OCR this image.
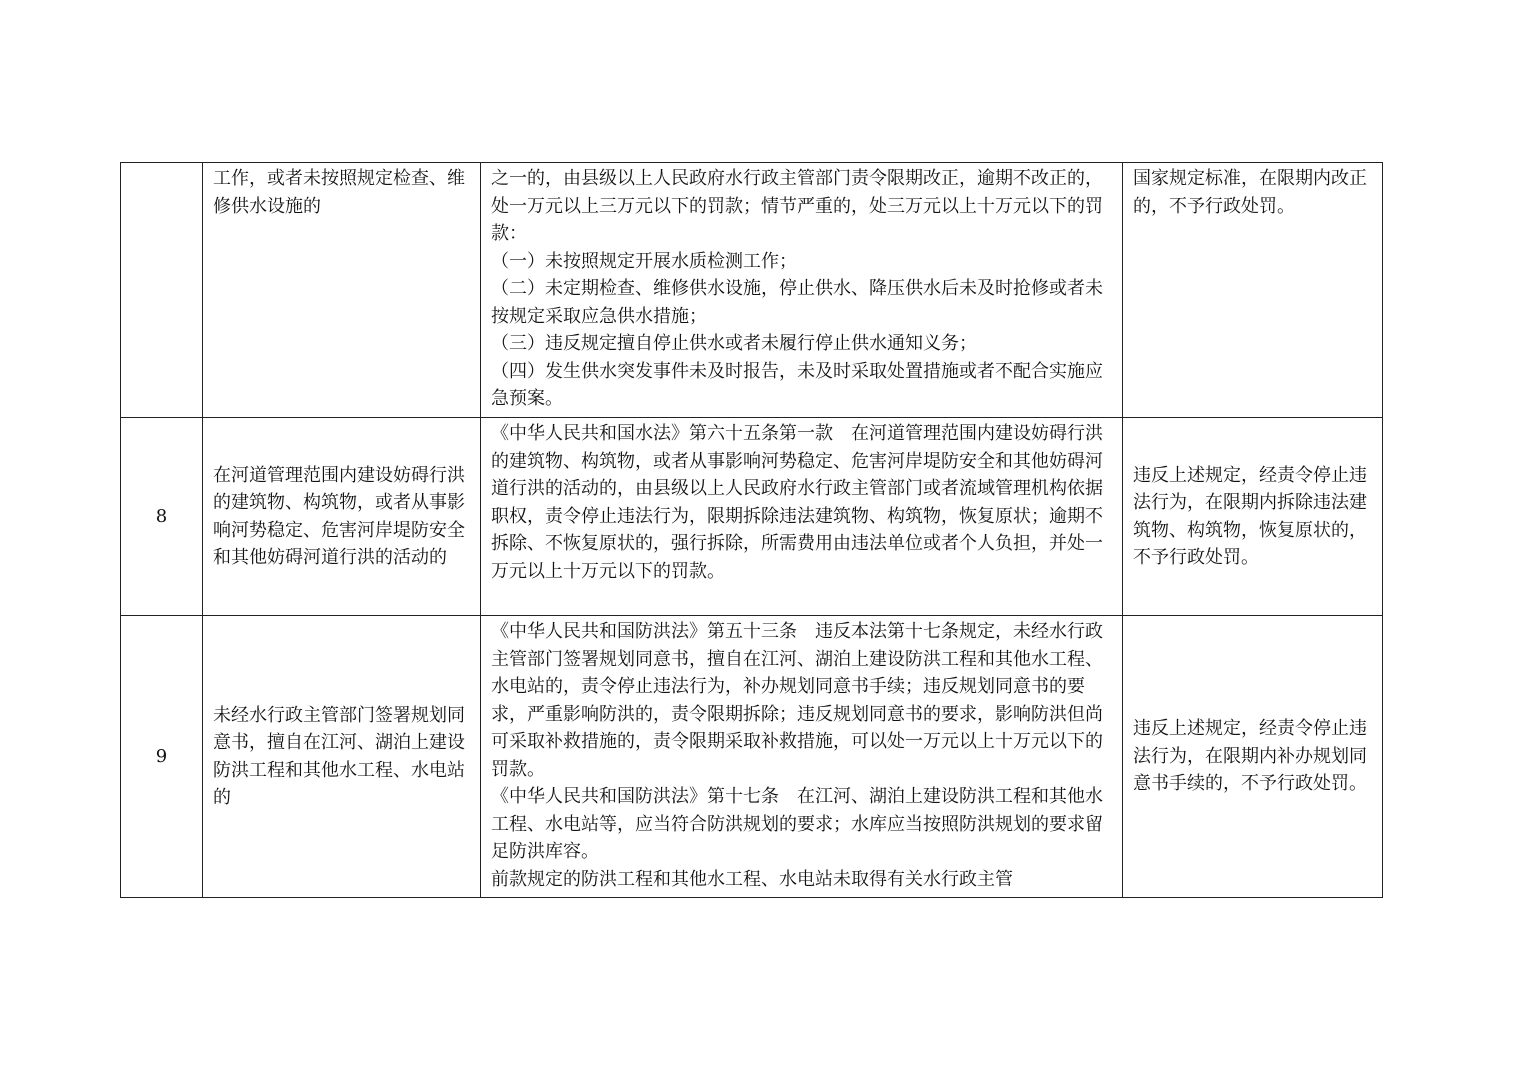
	工作，或者未按照规定检查、维修供水设施的	之一的，由县级以上人民政府水行政主管部门责令限期改正，逾期不改正的，处一万元以上三万元以下的罚款；情节严重的，处三万元以上十万元以下的罚款：
（一）未按照规定开展水质检测工作；
（二）未定期检查、维修供水设施，停止供水、降压供水后未及时抢修或者未按规定采取应急供水措施；
（三）违反规定擅自停止供水或者未履行停止供水通知义务；
（四）发生供水突发事件未及时报告，未及时采取处置措施或者不配合实施应急预案。	国家规定标准，在限期内改正的，不予行政处罚。
8	在河道管理范围内建设妨碍行洪的建筑物、构筑物，或者从事影响河势稳定、危害河岸堤防安全和其他妨碍河道行洪的活动的	《中华人民共和国水法》第六十五条第一款　在河道管理范围内建设妨碍行洪的建筑物、构筑物，或者从事影响河势稳定、危害河岸堤防安全和其他妨碍河道行洪的活动的，由县级以上人民政府水行政主管部门或者流域管理机构依据职权，责令停止违法行为，限期拆除违法建筑物、构筑物，恢复原状；逾期不拆除、不恢复原状的，强行拆除，所需费用由违法单位或者个人负担，并处一万元以上十万元以下的罚款。	违反上述规定，经责令停止违法行为，在限期内拆除违法建筑物、构筑物，恢复原状的，不予行政处罚。
9	未经水行政主管部门签署规划同意书，擅自在江河、湖泊上建设防洪工程和其他水工程、水电站的	《中华人民共和国防洪法》第五十三条　违反本法第十七条规定，未经水行政主管部门签署规划同意书，擅自在江河、湖泊上建设防洪工程和其他水工程、水电站的，责令停止违法行为，补办规划同意书手续；违反规划同意书的要求，严重影响防洪的，责令限期拆除；违反规划同意书的要求，影响防洪但尚可采取补救措施的，责令限期采取补救措施，可以处一万元以上十万元以下的罚款。
《中华人民共和国防洪法》第十七条　在江河、湖泊上建设防洪工程和其他水工程、水电站等，应当符合防洪规划的要求；水库应当按照防洪规划的要求留足防洪库容。
前款规定的防洪工程和其他水工程、水电站未取得有关水行政主管	违反上述规定，经责令停止违法行为，在限期内补办规划同意书手续的，不予行政处罚。
